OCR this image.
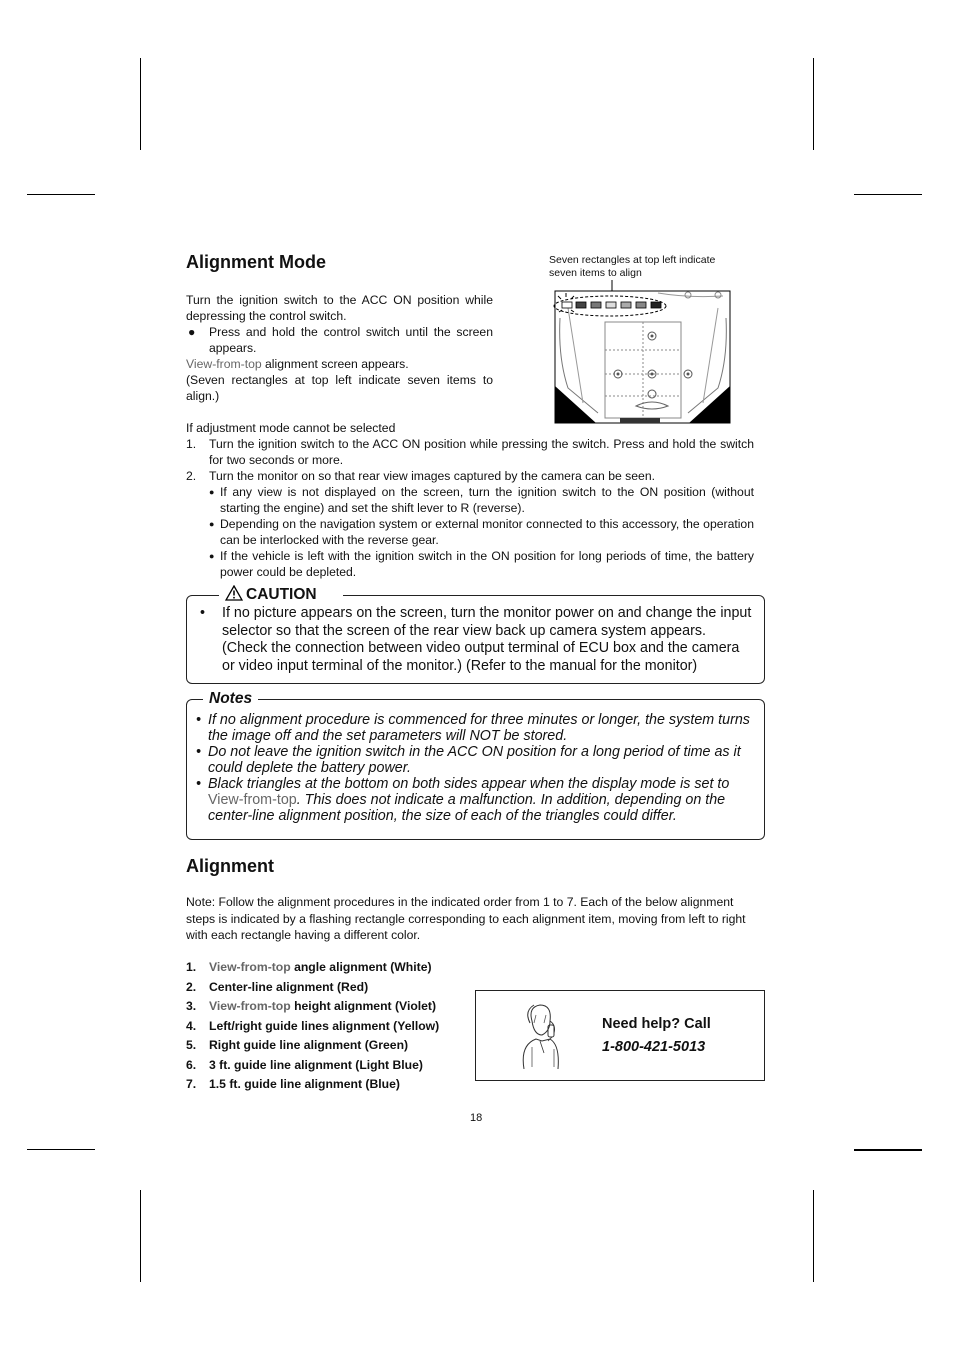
Alignment Mode

Turn the ignition switch to the ACC ON position while depressing the control switch.

● Press and hold the control switch until the screen appears.

View-from-top alignment screen appears.

(Seven rectangles at top left indicate seven items to align.)

Seven rectangles at top left indicate

seven items to align

If adjustment mode cannot be selected

1. Turn the ignition switch to the ACC ON position while pressing the switch. Press and hold the switch for two seconds or more.

2. Turn the monitor on so that rear view images captured by the camera can be seen.

● If any view is not displayed on the screen, turn the ignition switch to the ON position (without starting the engine) and set the shift lever to R (reverse).

● Depending on the navigation system or external monitor connected to this accessory, the operation can be interlocked with the reverse gear.

● If the vehicle is left with the ignition switch in the ON position for long periods of time, the battery power could be depleted.

CAUTION
• If no picture appears on the screen, turn the monitor power on and change the input selector so that the screen of the rear view back up camera system appears. (Check the connection between video output terminal of ECU box and the camera or video input terminal of the monitor.) (Refer to the manual for the monitor)

Notes
• If no alignment procedure is commenced for three minutes or longer, the system turns the image off and the set parameters will NOT be stored.

• Do not leave the ignition switch in the ACC ON position for a long period of time as it could deplete the battery power.

• Black triangles at the bottom on both sides appear when the display mode is set to View-from-top. This does not indicate a malfunction. In addition, depending on the center-line alignment position, the size of each of the triangles could differ.

Alignment

Note: Follow the alignment procedures in the indicated order from 1 to 7. Each of the below alignment steps is indicated by a flashing rectangle corresponding to each alignment item, moving from left to right with each rectangle having a different color.

1.	View-from-top angle alignment (White)
2.	Center-line alignment (Red)
3.	View-from-top height alignment (Violet)
4.	Left/right guide lines alignment (Yellow)
5.	Right guide line alignment (Green)
6.	3 ft. guide line alignment (Light Blue)
7.	1.5 ft. guide line alignment (Blue)
Need help? Call
1-800-421-5013
18
